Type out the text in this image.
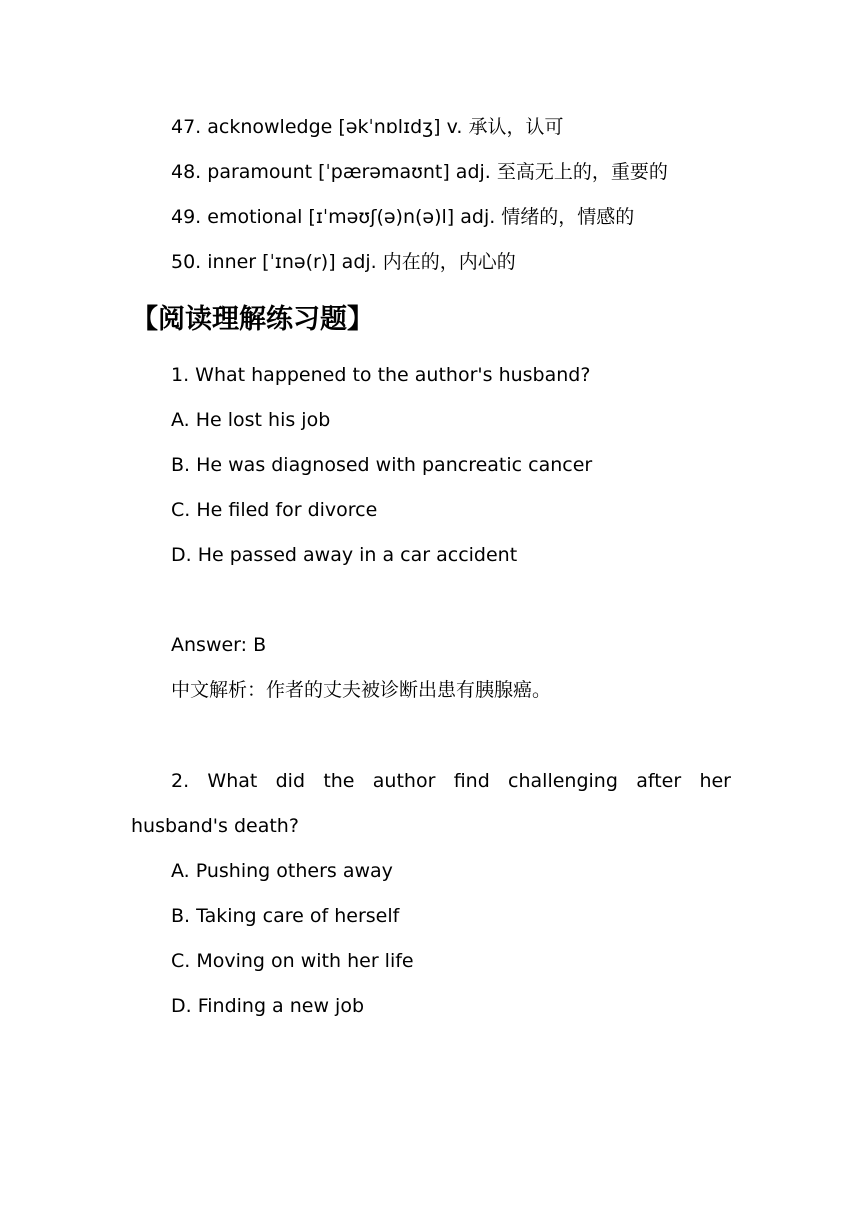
47. acknowledge [əkˈnɒlɪdʒ] v. 承认，认可
48. paramount [ˈpærəmaʊnt] adj. 至高无上的，重要的
49. emotional [ɪˈməʊʃ(ə)n(ə)l] adj. 情绪的，情感的
50. inner [ˈɪnə(r)] adj. 内在的，内心的
【阅读理解练习题】
1. What happened to the author's husband?
A. He lost his job
B. He was diagnosed with pancreatic cancer
C. He filed for divorce
D. He passed away in a car accident
Answer: B
中文解析：作者的丈夫被诊断出患有胰腺癌。
2. What did the author find challenging after her
husband's death?
A. Pushing others away
B. Taking care of herself
C. Moving on with her life
D. Finding a new job
